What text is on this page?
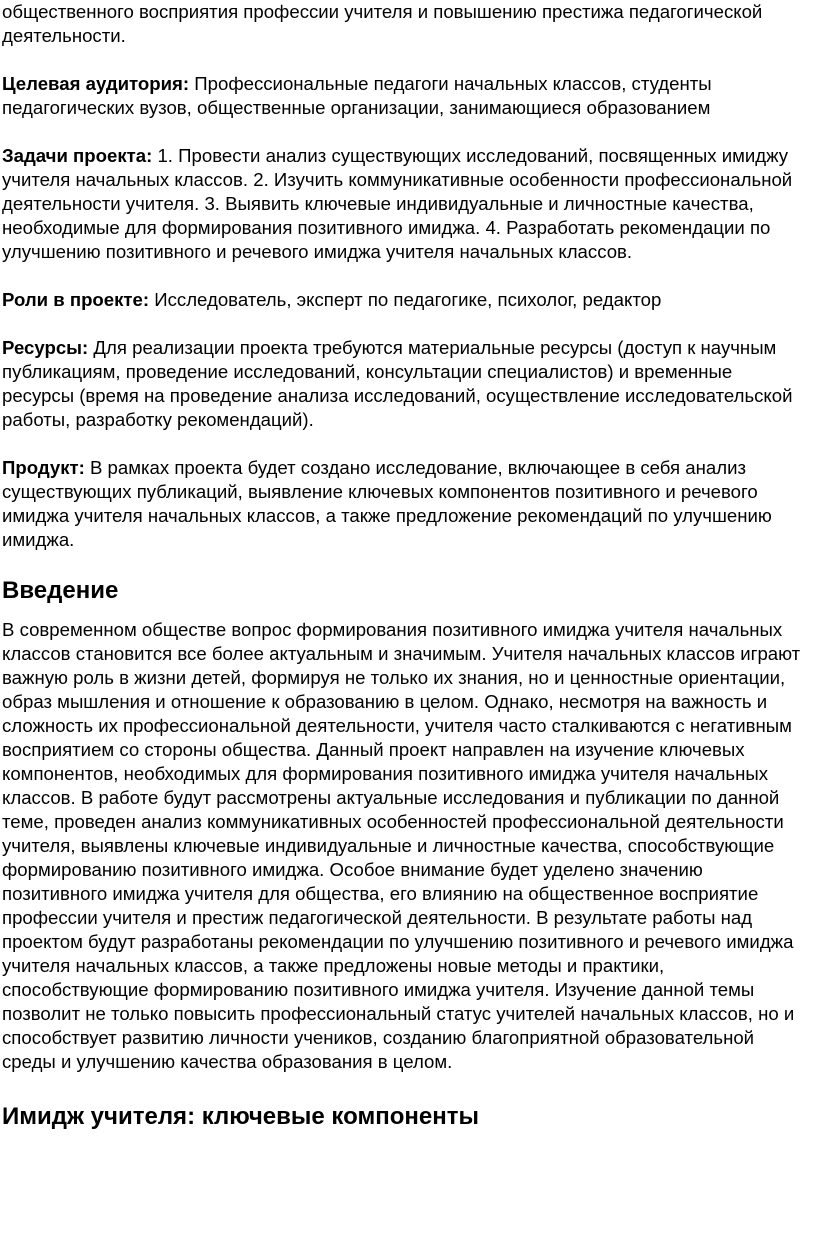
общественного восприятия профессии учителя и повышению престижа педагогической деятельности.

Целевая аудитория: Профессиональные педагоги начальных классов, студенты педагогических вузов, общественные организации, занимающиеся образованием

Задачи проекта: 1. Провести анализ существующих исследований, посвященных имиджу учителя начальных классов. 2. Изучить коммуникативные особенности профессиональной деятельности учителя. 3. Выявить ключевые индивидуальные и личностные качества, необходимые для формирования позитивного имиджа. 4. Разработать рекомендации по улучшению позитивного и речевого имиджа учителя начальных классов.

Роли в проекте: Исследователь, эксперт по педагогике, психолог, редактор

Ресурсы: Для реализации проекта требуются материальные ресурсы (доступ к научным публикациям, проведение исследований, консультации специалистов) и временные ресурсы (время на проведение анализа исследований, осуществление исследовательской работы, разработку рекомендаций).

Продукт: В рамках проекта будет создано исследование, включающее в себя анализ существующих публикаций, выявление ключевых компонентов позитивного и речевого имиджа учителя начальных классов, а также предложение рекомендаций по улучшению имиджа.

Введение

В современном обществе вопрос формирования позитивного имиджа учителя начальных классов становится все более актуальным и значимым. Учителя начальных классов играют важную роль в жизни детей, формируя не только их знания, но и ценностные ориентации, образ мышления и отношение к образованию в целом. Однако, несмотря на важность и сложность их профессиональной деятельности, учителя часто сталкиваются с негативным восприятием со стороны общества. Данный проект направлен на изучение ключевых компонентов, необходимых для формирования позитивного имиджа учителя начальных классов. В работе будут рассмотрены актуальные исследования и публикации по данной теме, проведен анализ коммуникативных особенностей профессиональной деятельности учителя, выявлены ключевые индивидуальные и личностные качества, способствующие формированию позитивного имиджа. Особое внимание будет уделено значению позитивного имиджа учителя для общества, его влиянию на общественное восприятие профессии учителя и престиж педагогической деятельности. В результате работы над проектом будут разработаны рекомендации по улучшению позитивного и речевого имиджа учителя начальных классов, а также предложены новые методы и практики, способствующие формированию позитивного имиджа учителя. Изучение данной темы позволит не только повысить профессиональный статус учителей начальных классов, но и способствует развитию личности учеников, созданию благоприятной образовательной среды и улучшению качества образования в целом.

Имидж учителя: ключевые компоненты
